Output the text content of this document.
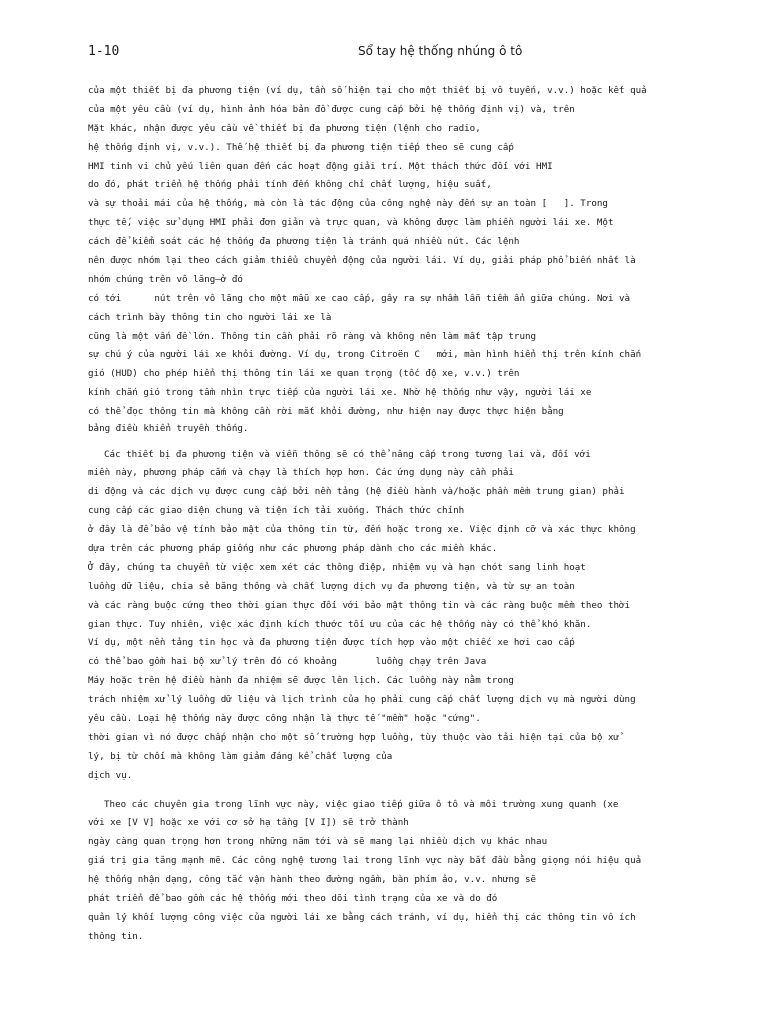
1-10	Sổ tay hệ thống nhúng ô tô
của một thiết bị đa phương tiện (ví dụ, tần số hiện tại cho một thiết bị vô tuyến, v.v.) hoặc kết quả
của một yêu cầu (ví dụ, hình ảnh hóa bản đồ được cung cấp bởi hệ thống định vị) và, trên
Mặt khác, nhận được yêu cầu về thiết bị đa phương tiện (lệnh cho radio,
hệ thống định vị, v.v.). Thế hệ thiết bị đa phương tiện tiếp theo sẽ cung cấp
HMI tinh vi chủ yếu liên quan đến các hoạt động giải trí. Một thách thức đối với HMI
do đó, phát triển hệ thống phải tính đến không chỉ chất lượng, hiệu suất,
và sự thoải mái của hệ thống, mà còn là tác động của công nghệ này đến sự an toàn [   ]. Trong
thực tế, việc sử dụng HMI phải đơn giản và trực quan, và không được làm phiền người lái xe. Một
cách để kiểm soát các hệ thống đa phương tiện là tránh quá nhiều nút. Các lệnh
nên được nhóm lại theo cách giảm thiểu chuyển động của người lái. Ví dụ, giải pháp phổ biến nhất là
nhóm chúng trên vô lăng—ở đó
có tới      nút trên vô lăng cho một mẫu xe cao cấp, gây ra sự nhầm lẫn tiềm ẩn giữa chúng. Nơi và
cách trình bày thông tin cho người lái xe là
cũng là một vấn đề lớn. Thông tin cần phải rõ ràng và không nên làm mất tập trung
sự chú ý của người lái xe khỏi đường. Ví dụ, trong Citroën C   mới, màn hình hiển thị trên kính chắn
gió (HUD) cho phép hiển thị thông tin lái xe quan trọng (tốc độ xe, v.v.) trên
kính chắn gió trong tầm nhìn trực tiếp của người lái xe. Nhờ hệ thống như vậy, người lái xe
có thể đọc thông tin mà không cần rời mắt khỏi đường, như hiện nay được thực hiện bằng
bảng điều khiển truyền thống.
Các thiết bị đa phương tiện và viễn thông sẽ có thể nâng cấp trong tương lai và, đối với
miền này, phương pháp cắm và chạy là thích hợp hơn. Các ứng dụng này cần phải
di động và các dịch vụ được cung cấp bởi nền tảng (hệ điều hành và/hoặc phần mềm trung gian) phải
cung cấp các giao diện chung và tiện ích tải xuống. Thách thức chính
ở đây là để bảo vệ tính bảo mật của thông tin từ, đến hoặc trong xe. Việc định cỡ và xác thực không
dựa trên các phương pháp giống như các phương pháp dành cho các miền khác.
Ở đây, chúng ta chuyển từ việc xem xét các thông điệp, nhiệm vụ và hạn chót sang linh hoạt
luồng dữ liệu, chia sẻ băng thông và chất lượng dịch vụ đa phương tiện, và từ sự an toàn
và các ràng buộc cứng theo thời gian thực đối với bảo mật thông tin và các ràng buộc mềm theo thời
gian thực. Tuy nhiên, việc xác định kích thước tối ưu của các hệ thống này có thể khó khăn.
Ví dụ, một nền tảng tin học và đa phương tiện được tích hợp vào một chiếc xe hơi cao cấp
có thể bao gồm hai bộ xử lý trên đó có khoảng       luồng chạy trên Java
Máy hoặc trên hệ điều hành đa nhiệm sẽ được lên lịch. Các luồng này nằm trong
trách nhiệm xử lý luồng dữ liệu và lịch trình của họ phải cung cấp chất lượng dịch vụ mà người dùng
yêu cầu. Loại hệ thống này được công nhận là thực tế "mềm" hoặc "cứng".
thời gian vì nó được chấp nhận cho một số trường hợp luồng, tùy thuộc vào tải hiện tại của bộ xử
lý, bị từ chối mà không làm giảm đáng kể chất lượng của
dịch vụ.
Theo các chuyên gia trong lĩnh vực này, việc giao tiếp giữa ô tô và môi trường xung quanh (xe
với xe [V V] hoặc xe với cơ sở hạ tầng [V I]) sẽ trở thành
ngày càng quan trọng hơn trong những năm tới và sẽ mang lại nhiều dịch vụ khác nhau
giá trị gia tăng mạnh mẽ. Các công nghệ tương lai trong lĩnh vực này bắt đầu bằng giọng nói hiệu quả
hệ thống nhận dạng, công tắc vận hành theo đường ngầm, bàn phím ảo, v.v. nhưng sẽ
phát triển để bao gồm các hệ thống mới theo dõi tình trạng của xe và do đó
quản lý khối lượng công việc của người lái xe bằng cách tránh, ví dụ, hiển thị các thông tin vô ích
thông tin.
